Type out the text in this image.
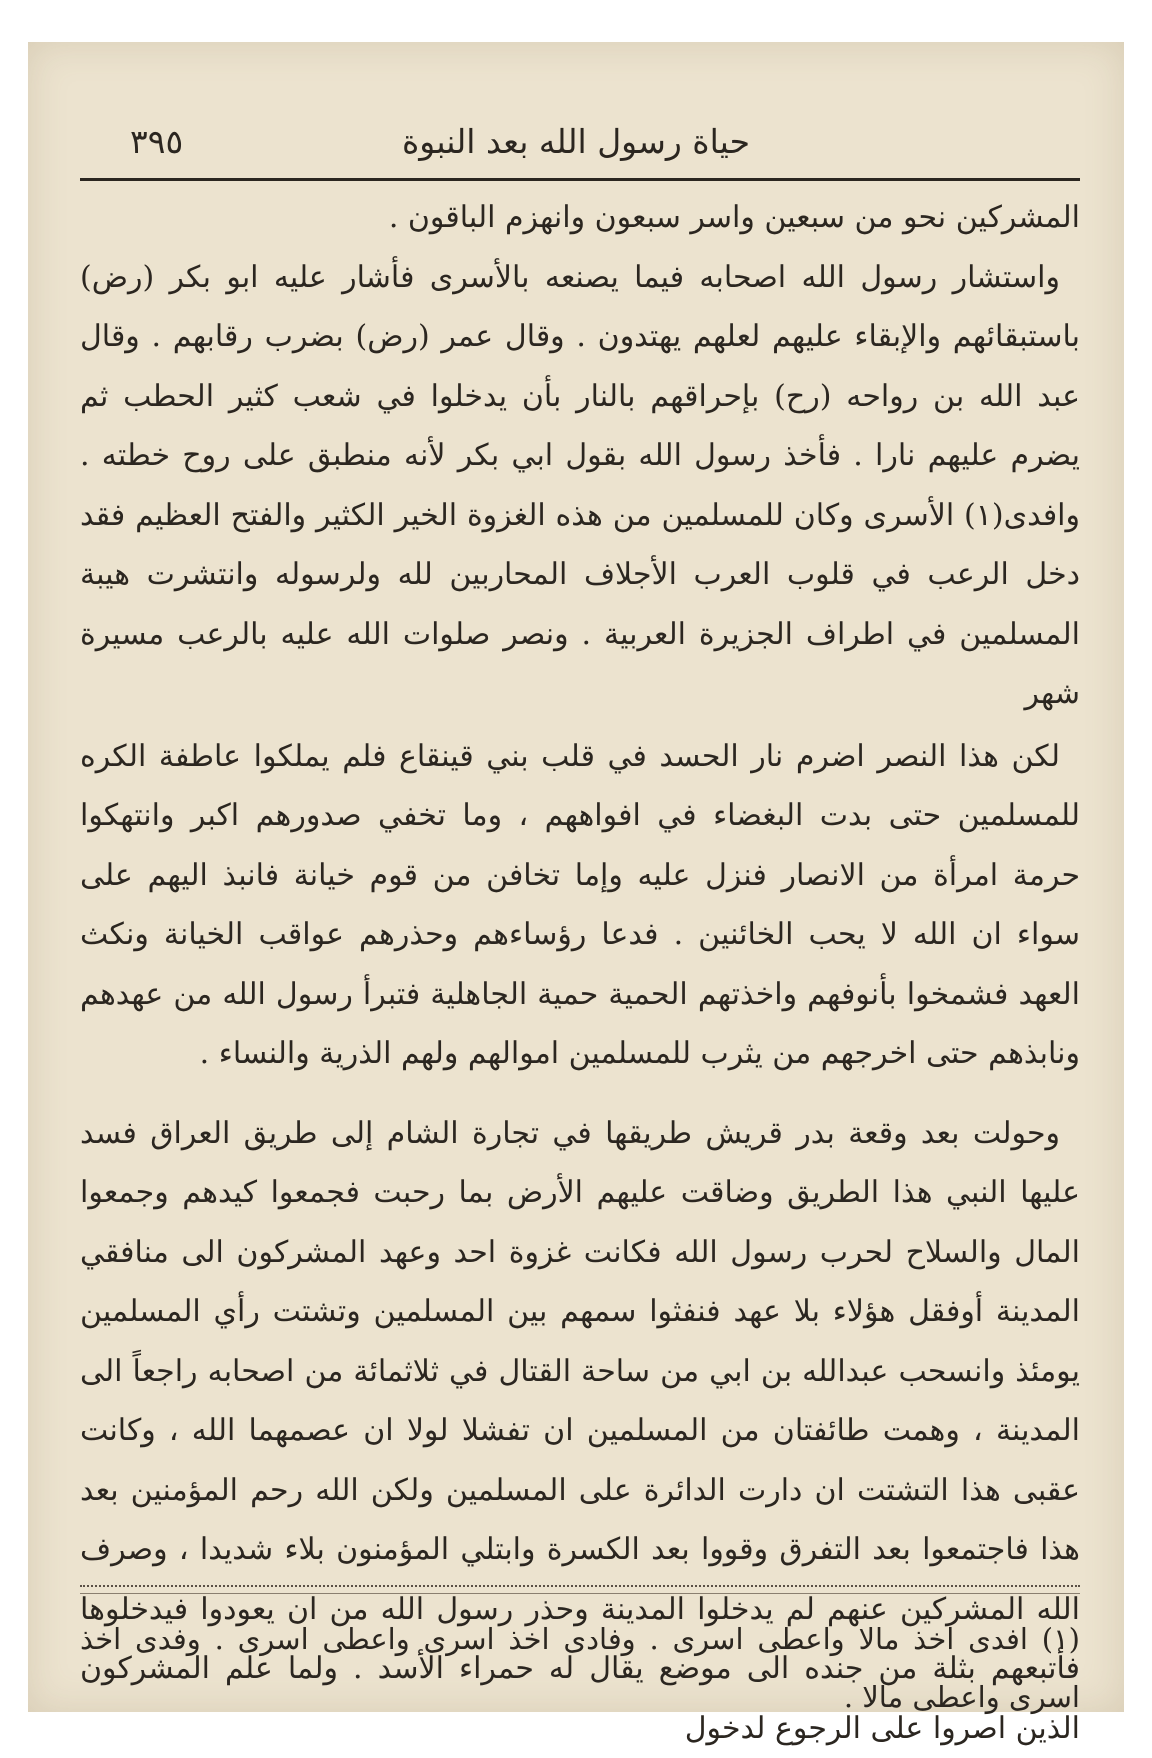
حياة رسول الله بعد النبوة
٣٩٥

المشركين نحو من سبعين واسر سبعون وانهزم الباقون .

واستشار رسول الله اصحابه فيما يصنعه بالأسرى فأشار عليه ابو بكر (رض) باستبقائهم والإبقاء عليهم لعلهم يهتدون . وقال عمر (رض) بضرب رقابهم . وقال عبد الله بن رواحه (رح) بإحراقهم بالنار بأن يدخلوا في شعب كثير الحطب ثم يضرم عليهم نارا . فأخذ رسول الله بقول ابي بكر لأنه منطبق على روح خطته . وافدى(١) الأسرى وكان للمسلمين من هذه الغزوة الخير الكثير والفتح العظيم فقد دخل الرعب في قلوب العرب الأجلاف المحاربين لله ولرسوله وانتشرت هيبة المسلمين في اطراف الجزيرة العربية . ونصر صلوات الله عليه بالرعب مسيرة شهر

لكن هذا النصر اضرم نار الحسد في قلب بني قينقاع فلم يملكوا عاطفة الكره للمسلمين حتى بدت البغضاء في افواههم ، وما تخفي صدورهم اكبر وانتهكوا حرمة امرأة من الانصار فنزل عليه وإما تخافن من قوم خيانة فانبذ اليهم على سواء ان الله لا يحب الخائنين . فدعا رؤساءهم وحذرهم عواقب الخيانة ونكث العهد فشمخوا بأنوفهم واخذتهم الحمية حمية الجاهلية فتبرأ رسول الله من عهدهم ونابذهم حتى اخرجهم من يثرب للمسلمين اموالهم ولهم الذرية والنساء .

وحولت بعد وقعة بدر قريش طريقها في تجارة الشام إلى طريق العراق فسد عليها النبي هذا الطريق وضاقت عليهم الأرض بما رحبت فجمعوا كيدهم وجمعوا المال والسلاح لحرب رسول الله فكانت غزوة احد وعهد المشركون الى منافقي المدينة أوفقل هؤلاء بلا عهد فنفثوا سمهم بين المسلمين وتشتت رأي المسلمين يومئذ وانسحب عبدالله بن ابي من ساحة القتال في ثلاثمائة من اصحابه راجعاً الى المدينة ، وهمت طائفتان من المسلمين ان تفشلا لولا ان عصمهما الله ، وكانت عقبى هذا التشتت ان دارت الدائرة على المسلمين ولكن الله رحم المؤمنين بعد هذا فاجتمعوا بعد التفرق وقووا بعد الكسرة وابتلي المؤمنون بلاء شديدا ، وصرف الله المشركين عنهم لم يدخلوا المدينة وحذر رسول الله من ان يعودوا فيدخلوها فأتبعهم بثلة من جنده الى موضع يقال له حمراء الأسد . ولما علم المشركون الذين اصروا على الرجوع لدخول

(١) افدى اخذ مالا واعطى اسرى . وفادى اخذ اسرى واعطى اسرى . وفدى اخذ اسرى واعطى مالا .
